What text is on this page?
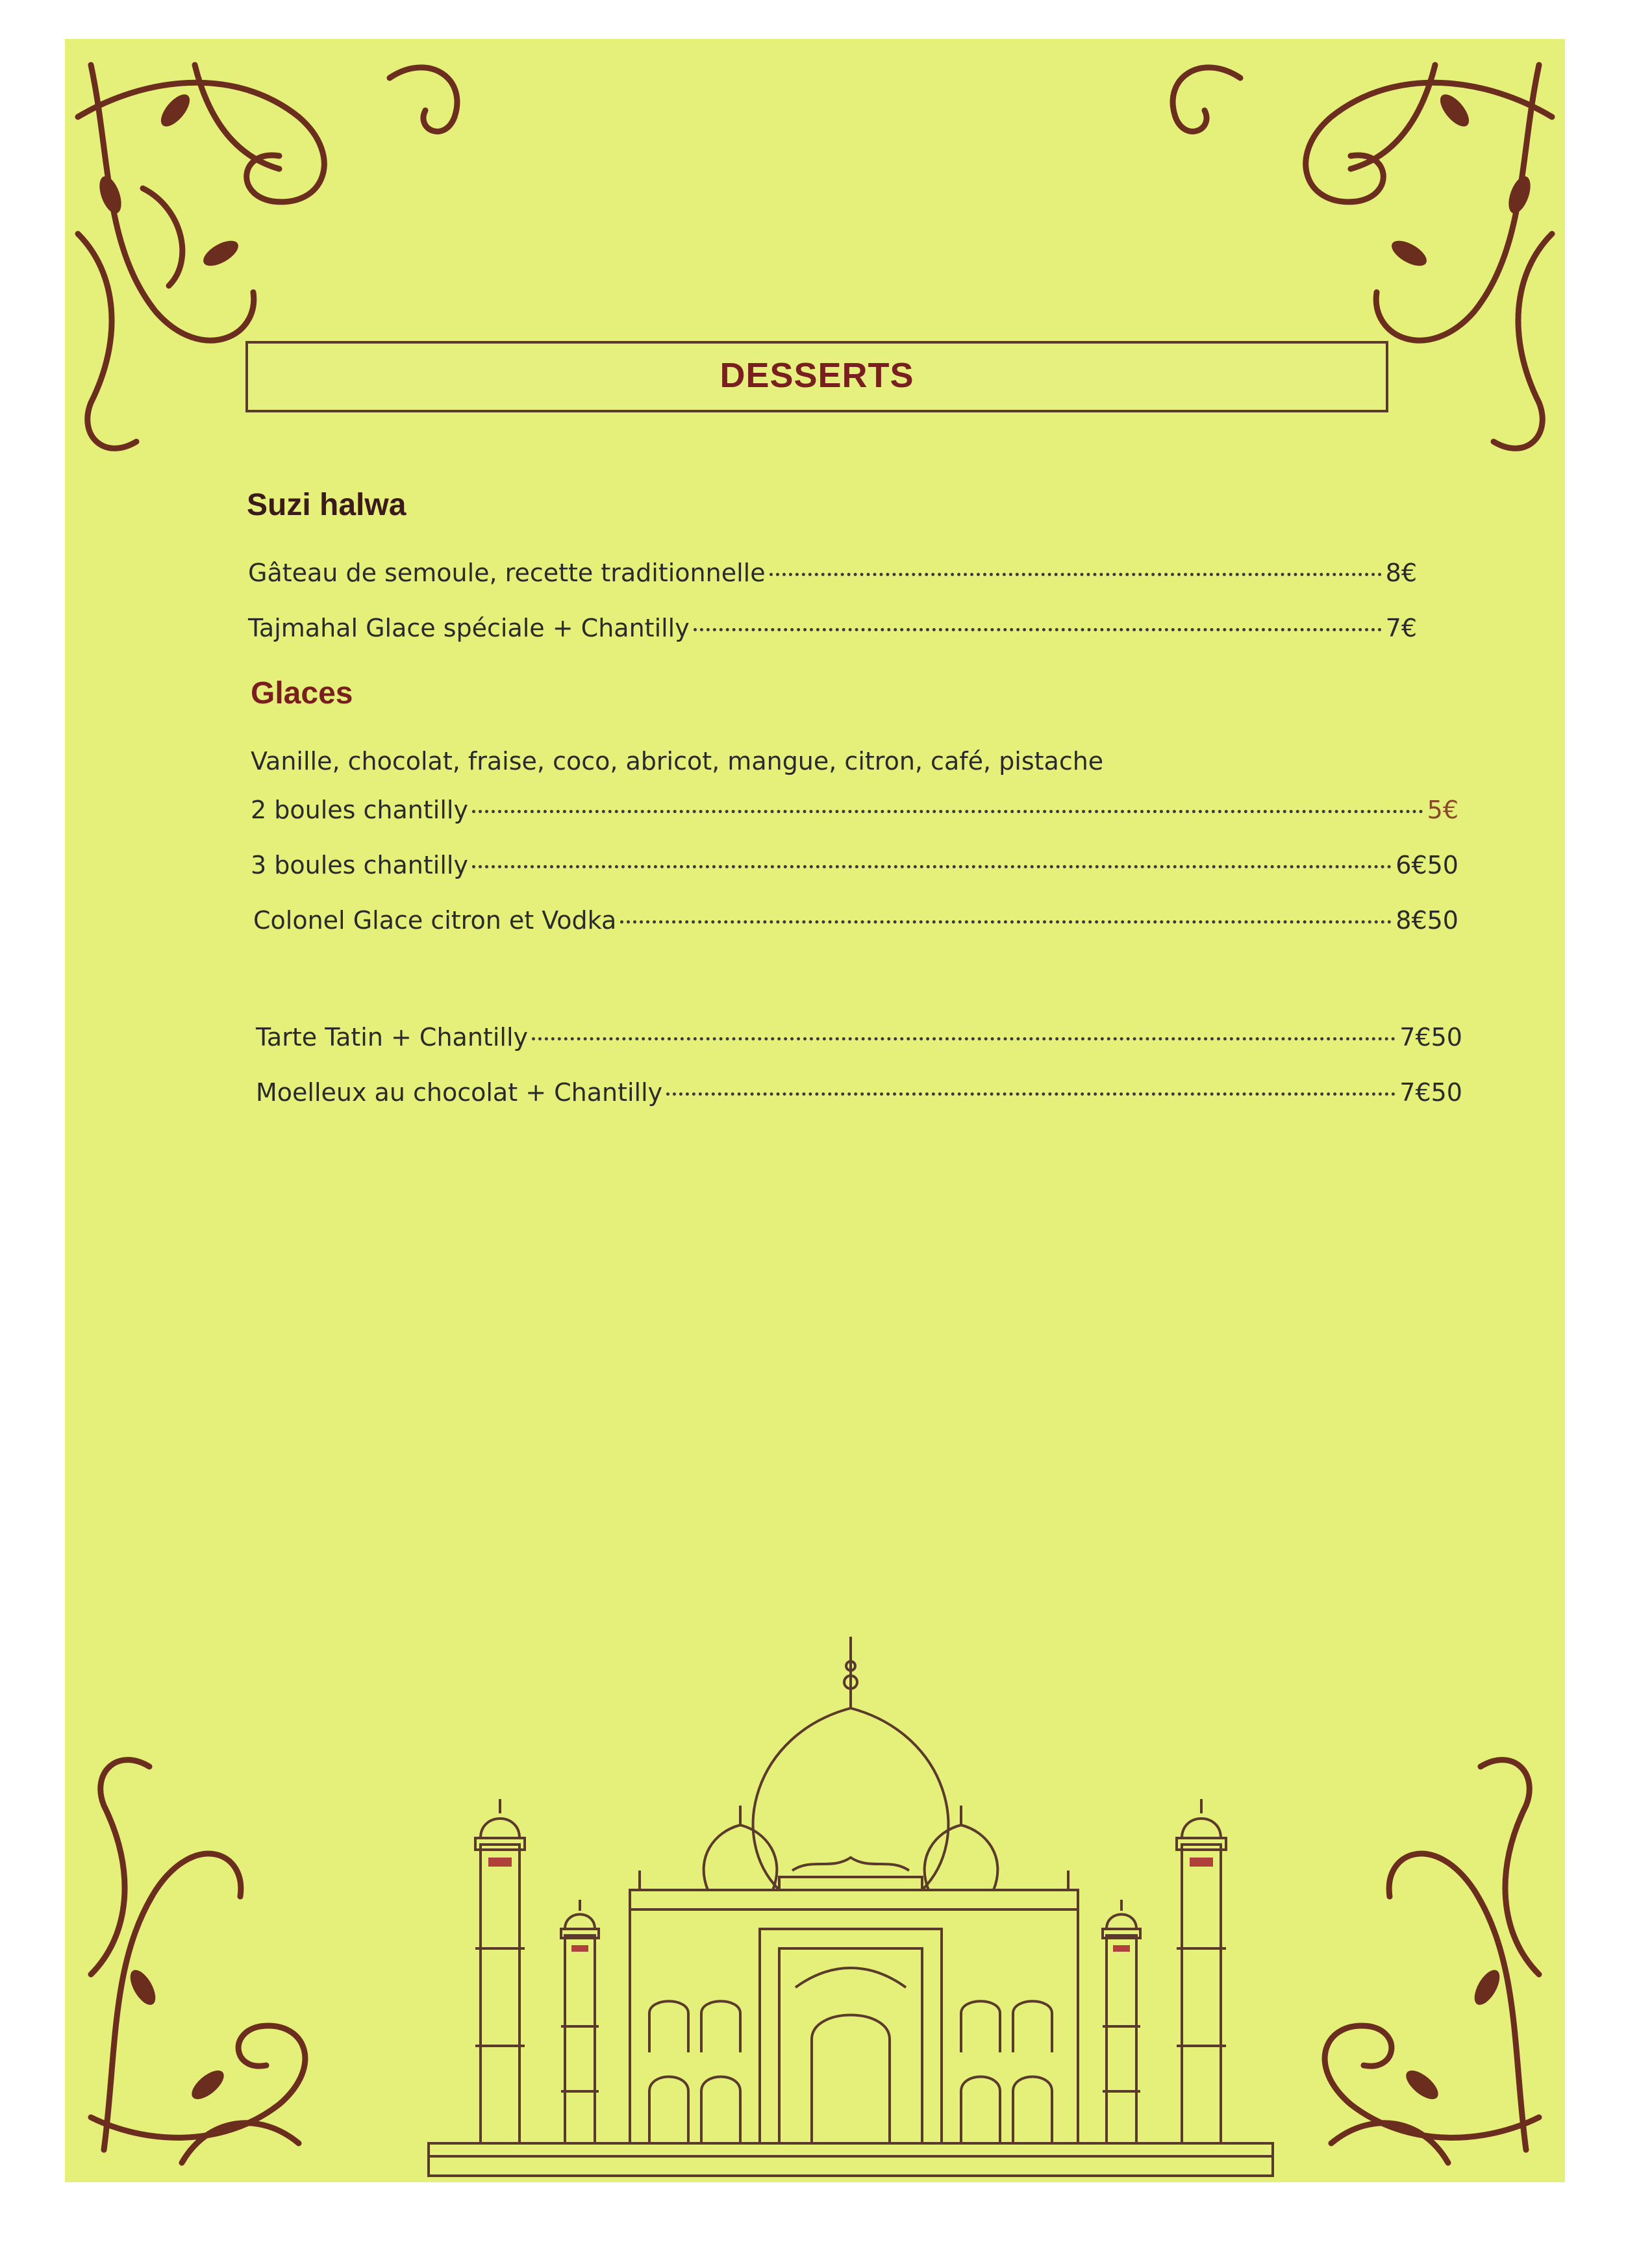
DESSERTS
Suzi halwa
Gâteau de semoule, recette traditionnelle	8€
Tajmahal Glace spéciale + Chantilly	7€
Glaces
Vanille, chocolat, fraise, coco, abricot, mangue, citron, café, pistache
2 boules chantilly	5€
3 boules chantilly	6€50
Colonel Glace citron et Vodka	8€50
Tarte Tatin + Chantilly	7€50
Moelleux au chocolat + Chantilly	7€50
